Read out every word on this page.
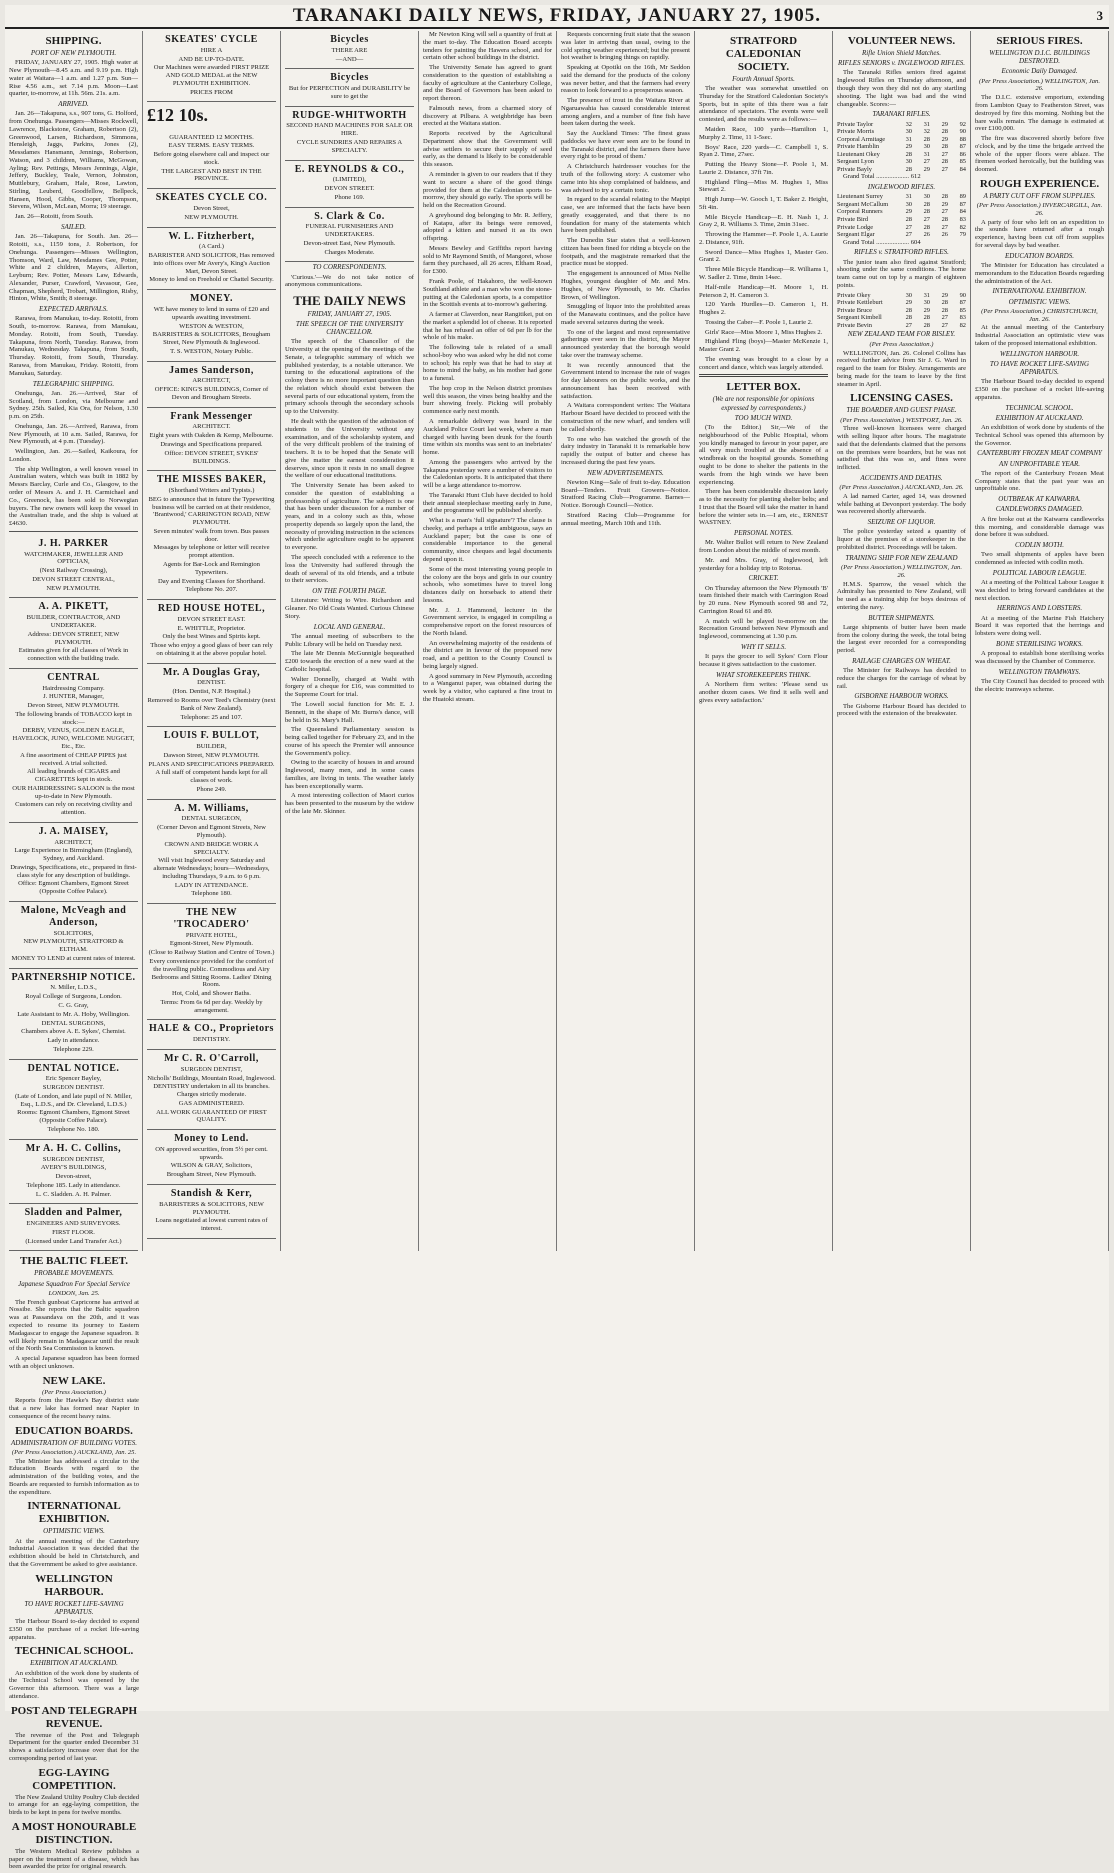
TARANAKI DAILY NEWS, FRIDAY, JANUARY 27, 1905.	3
SHIPPING.
PORT OF NEW PLYMOUTH.

FRIDAY, JANUARY 27, 1905. High water at New Plymouth—8.45 a.m. and 9.19 p.m. High water at Waitara—1 a.m. and 1.27 p.m. Sun—Rise 4.56 a.m., set 7.14 p.m. Moon—Last quarter, to-morrow, at 11h. 56m. 21s. a.m.

ARRIVED.

Jan. 26—Takapuna, s.s., 907 tons, G. Holford, from Onehunga. Passengers—Misses Rockwell, Lawrence, Blackstone, Graham, Robertson (2), Greenwood, Larsen, Richardson, Simmons, Hensleigh, Jaggs, Parkins, Jones (2), Messdames Hansmann, Jennings, Robertson, Watson, and 3 children, Williams, McGowan, Ayling; Rev. Pettings, Messrs Jennings, Algie, Jeffery, Buckley, Teale, Vernon, Johnston, Muttlebury, Graham, Hale, Rose, Lawton, Stirling, Leuberd, Goodfellow, Bellpeck, Hansen, Hood, Gibbs, Cooper, Thompson, Stevens, Wilson, McLean, Morra; 19 steerage.

Jan. 26—Rotoiti, from South.

SAILED.

Jan. 26—Takapuna, for South. Jan. 26—Rotoiti, s.s., 1159 tons, J. Robertson, for Onehunga. Passengers—Misses Wellington, Thomson, Ward, Law, Mesdames Gee, Potter, White and 2 children, Mayers, Allerton, Leyburn; Rev. Potter, Messrs Law, Edwards, Alexander, Purser, Crawford, Vavasour, Gee, Chapman, Shepherd, Trobart, Millington, Risby, Hinton, White, Smith; 8 steerage.

EXPECTED ARRIVALS.

Rarawa, from Manukau, to-day. Rotoiti, from South, to-morrow. Rarawa, from Manukau, Monday. Rotoiti, from South, Tuesday. Takapuna, from North, Tuesday. Rarawa, from Manukau, Wednesday. Takapuna, from South, Thursday. Rotoiti, from South, Thursday. Rarawa, from Manukau, Friday. Rotoiti, from Manukau, Saturday.

TELEGRAPHIC SHIPPING.

Onehunga, Jan. 26.—Arrived, Star of Scotland, from London, via Melbourne and Sydney. 25th. Sailed, Kia Ora, for Nelson, 1.30 p.m. on 25th.

Onehunga, Jan. 26.—Arrived, Rarawa, from New Plymouth, at 10 a.m. Sailed, Rarawa, for New Plymouth, at 4 p.m. (Tuesday).

Wellington, Jan. 26.—Sailed, Kaikoura, for London.

The ship Wellington, a well known vessel in Australian waters, which was built in 1882 by Messrs Barclay, Curle and Co., Glasgow, to the order of Messrs A. and J. H. Carmichael and Co., Greenock, has been sold to Norwegian buyers. The new owners will keep the vessel in the Australian trade, and the ship is valued at £4630.

J. H. PARKER
WATCHMAKER, JEWELLER AND OPTICIAN,
(Next Railway Crossing),
DEVON STREET CENTRAL,
NEW PLYMOUTH.
A. A. PIKETT,
BUILDER, CONTRACTOR, AND UNDERTAKER.
Address: DEVON STREET, NEW PLYMOUTH.
Estimates given for all classes of Work in connection with the building trade.
CENTRAL
Hairdressing Company.
J. HUNTER, Manager,
Devon Street, NEW PLYMOUTH.
The following brands of TOBACCO kept in stock:—
DERBY, VENUS, GOLDEN EAGLE, HAVELOCK, JUNO, WELCOME NUGGET, Etc., Etc.
A fine assortment of CHEAP PIPES just received. A trial solicited.
All leading brands of CIGARS and CIGARETTES kept in stock.
OUR HAIRDRESSING SALOON is the most up-to-date in New Plymouth.
Customers can rely on receiving civility and attention.
J. A. MAISEY,
ARCHITECT,
Large Experience in Birmingham (England), Sydney, and Auckland.
Drawings, Specifications, etc., prepared in first-class style for any description of buildings.
Office: Egmont Chambers, Egmont Street (Opposite Coffee Palace).
Malone, McVeagh and Anderson,
SOLICITORS,
NEW PLYMOUTH, STRATFORD & ELTHAM.
MONEY TO LEND at current rates of interest.
PARTNERSHIP NOTICE.
N. Miller, L.D.S.,
Royal College of Surgeons, London.
C. G. Gray,
Late Assistant to Mr. A. Hoby, Wellington.
DENTAL SURGEONS,
Chambers above A. E. Sykes', Chemist.
Lady in attendance.
Telephone 229.
DENTAL NOTICE.
Eric Spencer Bayley,
SURGEON DENTIST.
(Late of London, and late pupil of N. Miller, Esq., L.D.S., and Dr. Cleveland, L.D.S.)
Rooms: Egmont Chambers, Egmont Street (Opposite Coffee Palace).
Telephone No. 180.
Mr A. H. C. Collins,
SURGEON DENTIST,
AVERY'S BUILDINGS,
Devon-street,
Telephone 185. Lady in attendance.
L. C. Sladden. A. H. Palmer.
Sladden and Palmer,
ENGINEERS AND SURVEYORS.
FIRST FLOOR.
(Licensed under Land Transfer Act.)
SKEATES' CYCLE
HIRE A
AND BE UP-TO-DATE.
Our Machines were awarded FIRST PRIZE AND GOLD MEDAL at the NEW PLYMOUTH EXHIBITION.
PRICES FROM
£12 10s.
GUARANTEED 12 MONTHS.
EASY TERMS. EASY TERMS.
Before going elsewhere call and inspect our stock.
THE LARGEST AND BEST IN THE PROVINCE.
SKEATES CYCLE CO.
Devon Street,
NEW PLYMOUTH.
W. L. Fitzherbert,
(A Card.)
BARRISTER AND SOLICITOR, Has removed into offices over Mr Avery's, King's Auction Mart, Devon Street.
Money to lend on Freehold or Chattel Security.
MONEY.
WE have money to lend in sums of £20 and upwards awaiting investment.
WESTON & WESTON,
BARRISTERS & SOLICITORS, Brougham Street, New Plymouth & Inglewood.
T. S. WESTON, Notary Public.
James Sanderson,
ARCHITECT,
OFFICE: KING'S BUILDINGS, Corner of Devon and Brougham Streets.
Frank Messenger
ARCHITECT.
Eight years with Oakden & Kemp, Melbourne.
Drawings and Specifications prepared.
Office: DEVON STREET, SYKES' BUILDINGS.
THE MISSES BAKER,
(Shorthand Writers and Typists.)
BEG to announce that in future the Typewriting business will be carried on at their residence, 'Brantwood,' CARRINGTON ROAD, NEW PLYMOUTH.
Seven minutes' walk from town. Bus passes door.
Messages by telephone or letter will receive prompt attention.
Agents for Bar-Lock and Remington Typewriters.
Day and Evening Classes for Shorthand.
Telephone No. 207.
RED HOUSE HOTEL,
DEVON STREET EAST.
E. WHITTLE, Proprietor.
Only the best Wines and Spirits kept.
Those who enjoy a good glass of beer can rely on obtaining it at the above popular hotel.
Mr. A Douglas Gray,
DENTIST.
(Hon. Dentist, N.P. Hospital.)
Removed to Rooms over Teed's Chemistry (next Bank of New Zealand).
Telephone: 25 and 107.
LOUIS F. BULLOT,
BUILDER,
Dawson Street, NEW PLYMOUTH.
PLANS AND SPECIFICATIONS PREPARED.
A full staff of competent hands kept for all classes of work.
Phone 249.
A. M. Williams,
DENTAL SURGEON,
(Corner Devon and Egmont Streets, New Plymouth).
CROWN AND BRIDGE WORK A SPECIALTY.
Will visit Inglewood every Saturday and alternate Wednesdays; hours—Wednesdays, including Thursdays, 9 a.m. to 6 p.m.
LADY IN ATTENDANCE.
Telephone 180.
THE NEW 'TROCADERO'
PRIVATE HOTEL,
Egmont-Street, New Plymouth.
(Close to Railway Station and Centre of Town.)
Every convenience provided for the comfort of the travelling public. Commodious and Airy Bedrooms and Sitting Rooms. Ladies' Dining Room.
Hot, Cold, and Shower Baths.
Terms: From 6s 6d per day. Weekly by arrangement.
HALE & CO., Proprietors
DENTISTRY.
Mr C. R. O'Carroll,
SURGEON DENTIST,
Nicholls' Buildings, Mountain Road, Inglewood.
DENTISTRY undertaken in all its branches. Charges strictly moderate.
GAS ADMINISTERED.
ALL WORK GUARANTEED OF FIRST QUALITY.
Money to Lend.
ON approved securities, from 5½ per cent. upwards.
WILSON & GRAY, Solicitors,
Brougham Street, New Plymouth.
Standish & Kerr,
BARRISTERS & SOLICITORS, NEW PLYMOUTH.
Loans negotiated at lowest current rates of interest.
Bicycles
THERE ARE
—AND—
Bicycles
But for PERFECTION and DURABILITY be sure to get the
RUDGE-WHITWORTH
SECOND HAND MACHINES FOR SALE OR HIRE.
CYCLE SUNDRIES AND REPAIRS A SPECIALTY.
E. REYNOLDS & CO.,
(LIMITED),
DEVON STREET.
Phone 169.
S. Clark & Co.
FUNERAL FURNISHERS AND UNDERTAKERS.
Devon-street East, New Plymouth.
Charges Moderate.
TO CORRESPONDENTS.

'Curious.'—We do not take notice of anonymous communications.

THE DAILY NEWS
FRIDAY, JANUARY 27, 1905.
THE SPEECH OF THE UNIVERSITY CHANCELLOR.

The speech of the Chancellor of the University at the opening of the meetings of the Senate, a telegraphic summary of which we published yesterday, is a notable utterance. We turning to the educational aspirations of the colony there is no more important question than the relation which should exist between the several parts of our educational system, from the primary schools through the secondary schools up to the University.

He dealt with the question of the admission of students to the University without any examination, and of the scholarship system, and of the very difficult problem of the training of teachers. It is to be hoped that the Senate will give the matter the earnest consideration it deserves, since upon it rests in no small degree the welfare of our educational institutions.

The University Senate has been asked to consider the question of establishing a professorship of agriculture. The subject is one that has been under discussion for a number of years, and in a colony such as this, whose prosperity depends so largely upon the land, the necessity of providing instruction in the sciences which underlie agriculture ought to be apparent to everyone.

The speech concluded with a reference to the loss the University had suffered through the death of several of its old friends, and a tribute to their services.

ON THE FOURTH PAGE.

Literature: Writing to Wire. Richardson and Gleaner. No Old Coats Wanted. Curious Chinese Story.

LOCAL AND GENERAL.

The annual meeting of subscribers to the Public Library will be held on Tuesday next.

The late Mr Dennis McGunnigle bequeathed £200 towards the erection of a new ward at the Catholic hospital.

Walter Donnelly, charged at Waihi with forgery of a cheque for £16, was committed to the Supreme Court for trial.

The Lowell social function for Mr. E. J. Bennett, in the shape of Mr. Burns's dance, will be held in St. Mary's Hall.

The Queensland Parliamentary session is being called together for February 23, and in the course of his speech the Premier will announce the Government's policy.

Owing to the scarcity of houses in and around Inglewood, many men, and in some cases families, are living in tents. The weather lately has been exceptionally warm.

A most interesting collection of Maori curios has been presented to the museum by the widow of the late Mr. Skinner.

Mr Newton King will sell a quantity of fruit at the mart to-day. The Education Board accepts tenders for painting the Hawera school, and for certain other school buildings in the district.

The University Senate has agreed to grant consideration to the question of establishing a faculty of agriculture at the Canterbury College, and the Board of Governors has been asked to report thereon.

Falmouth news, from a charmed story of discovery at Pilbara. A weighbridge has been erected at the Waitara station.

Reports received by the Agricultural Department show that the Government will advise settlers to secure their supply of seed early, as the demand is likely to be considerable this season.

A reminder is given to our readers that if they want to secure a share of the good things provided for them at the Caledonian sports to-morrow, they should go early. The sports will be held on the Recreation Ground.

A greyhound dog belonging to Mr. R. Jeffery, of Katapu, after its beings were removed, adopted a kitten and nursed it as its own offspring.

Messrs Bewley and Griffiths report having sold to Mr Raymond Smith, of Mangorei, whose farm they purchased, all 26 acres, Eltham Road, for £300.

Frank Poole, of Hakahoro, the well-known Southland athlete and a man who won the stone-putting at the Caledonian sports, is a competitor in the Scottish events at to-morrow's gathering.

A farmer at Claverdon, near Rangitikei, put on the market a splendid lot of cheese. It is reported that he has refused an offer of 6d per lb for the whole of his make.

The following tale is related of a small school-boy who was asked why he did not come to school; his reply was that he had to stay at home to mind the baby, as his mother had gone to a funeral.

The hop crop in the Nelson district promises well this season, the vines being healthy and the burr showing freely. Picking will probably commence early next month.

A remarkable delivery was heard in the Auckland Police Court last week, where a man charged with having been drunk for the fourth time within six months was sent to an inebriates' home.

Among the passengers who arrived by the Takapuna yesterday were a number of visitors to the Caledonian sports. It is anticipated that there will be a large attendance to-morrow.

The Taranaki Hunt Club have decided to hold their annual steeplechase meeting early in June, and the programme will be published shortly.

What is a man's 'full signature'? The clause is cheeky, and perhaps a trifle ambiguous, says an Auckland paper; but the case is one of considerable importance to the general community, since cheques and legal documents depend upon it.

Some of the most interesting young people in the colony are the boys and girls in our country schools, who sometimes have to travel long distances daily on horseback to attend their lessons.

Mr. J. J. Hammond, lecturer in the Government service, is engaged in compiling a comprehensive report on the forest resources of the North Island.

An overwhelming majority of the residents of the district are in favour of the proposed new road, and a petition to the County Council is being largely signed.

A good summary in New Plymouth, according to a Wanganui paper, was obtained during the week by a visitor, who captured a fine trout in the Huatoki stream.

Requests concerning fruit state that the season was later in arriving than usual, owing to the cold spring weather experienced; but the present hot weather is bringing things on rapidly.

Speaking at Opotiki on the 16th, Mr Seddon said the demand for the products of the colony was never better, and that the farmers had every reason to look forward to a prosperous season.

The presence of trout in the Waitara River at Ngaruawahia has caused considerable interest among anglers, and a number of fine fish have been taken during the week.

Say the Auckland Times: 'The finest grass paddocks we have ever seen are to be found in the Taranaki district, and the farmers there have every right to be proud of them.'

A Christchurch hairdresser vouches for the truth of the following story: A customer who came into his shop complained of baldness, and was advised to try a certain tonic.

In regard to the scandal relating to the Mapipi case, we are informed that the facts have been greatly exaggerated, and that there is no foundation for many of the statements which have been published.

The Dunedin Star states that a well-known citizen has been fined for riding a bicycle on the footpath, and the magistrate remarked that the practice must be stopped.

The engagement is announced of Miss Nellie Hughes, youngest daughter of Mr. and Mrs. Hughes, of New Plymouth, to Mr. Charles Brown, of Wellington.

Smuggling of liquor into the prohibited areas of the Manawatu continues, and the police have made several seizures during the week.

To one of the largest and most representative gatherings ever seen in the district, the Mayor announced yesterday that the borough would take over the tramway scheme.

It was recently announced that the Government intend to increase the rate of wages for day labourers on the public works, and the announcement has been received with satisfaction.

A Waitara correspondent writes: The Waitara Harbour Board have decided to proceed with the construction of the new wharf, and tenders will be called shortly.

To one who has watched the growth of the dairy industry in Taranaki it is remarkable how rapidly the output of butter and cheese has increased during the past few years.

NEW ADVERTISEMENTS.

Newton King—Sale of fruit to-day. Education Board—Tenders. Fruit Growers—Notice. Stratford Racing Club—Programme. Barnes—Notice. Borough Council—Notice.

Stratford Racing Club—Programme for annual meeting, March 10th and 11th.

STRATFORD CALEDONIAN SOCIETY.
Fourth Annual Sports.

The weather was somewhat unsettled on Thursday for the Stratford Caledonian Society's Sports, but in spite of this there was a fair attendance of spectators. The events were well contested, and the results were as follows:—

Maiden Race, 100 yards—Hamilton 1, Murphy 2. Time, 11 1-5sec.

Boys' Race, 220 yards—C. Campbell 1, S. Ryan 2. Time, 27sec.

Putting the Heavy Stone—F. Poole 1, M. Laurie 2. Distance, 37ft 7in.

Highland Fling—Miss M. Hughes 1, Miss Stewart 2.

High Jump—W. Gooch 1, T. Baker 2. Height, 5ft 4in.

Mile Bicycle Handicap—E. H. Nash 1, J. Gray 2, R. Williams 3. Time, 2min 31sec.

Throwing the Hammer—F. Poole 1, A. Laurie 2. Distance, 91ft.

Sword Dance—Miss Hughes 1, Master Geo. Grant 2.

Three Mile Bicycle Handicap—R. Williams 1, W. Sadler 2. Time, 8min 14sec.

Half-mile Handicap—H. Moore 1, H. Peterson 2, H. Cameron 3.

120 Yards Hurdles—D. Cameron 1, H. Hughes 2.

Tossing the Caber—F. Poole 1, Laurie 2.

Girls' Race—Miss Moore 1, Miss Hughes 2.

Highland Fling (boys)—Master McKenzie 1, Master Grant 2.

The evening was brought to a close by a concert and dance, which was largely attended.

LETTER BOX.
(We are not responsible for opinions expressed by correspondents.)
TOO MUCH WIND.

(To the Editor.) Sir,—We of the neighbourhood of the Public Hospital, whom you kindly managed to favour in your paper, are all very much troubled at the absence of a windbreak on the hospital grounds. Something ought to be done to shelter the patients in the wards from the high winds we have been experiencing.

There has been considerable discussion lately as to the necessity for planting shelter belts; and I trust that the Board will take the matter in hand before the winter sets in.—I am, etc., ERNEST WASTNEY.

PERSONAL NOTES.

Mr. Walter Bullot will return to New Zealand from London about the middle of next month.

Mr. and Mrs. Gray, of Inglewood, left yesterday for a holiday trip to Rotorua.

CRICKET.

On Thursday afternoon the New Plymouth 'B' team finished their match with Carrington Road by 20 runs. New Plymouth scored 98 and 72, Carrington Road 61 and 89.

A match will be played to-morrow on the Recreation Ground between New Plymouth and Inglewood, commencing at 1.30 p.m.

WHY IT SELLS.

It pays the grocer to sell Sykes' Corn Flour because it gives satisfaction to the customer.

WHAT STOREKEEPERS THINK.

A Northern firm writes: 'Please send us another dozen cases. We find it sells well and gives every satisfaction.'

VOLUNTEER NEWS.
Rifle Union Shield Matches.
RIFLES SENIORS v. INGLEWOOD RIFLES.

The Taranaki Rifles seniors fired against Inglewood Rifles on Thursday afternoon, and though they won they did not do any startling shooting. The light was bad and the wind changeable. Scores:—

TARANAKI RIFLES.
Private Taylor	32	31	29	92
Private Morris	30	32	28	90
Corporal Armitage	31	28	29	88
Private Hamblin	29	30	28	87
Lieutenant Okey	28	31	27	86
Sergeant Lyon	30	27	28	85
Private Bayly	28	29	27	84

Grand Total .................... 612

INGLEWOOD RIFLES.
Lieutenant Surrey	31	30	28	89
Sergeant McCallum	30	28	29	87
Corporal Runners	29	28	27	84
Private Bird	28	27	28	83
Private Lodge	27	28	27	82
Sergeant Elgar	27	26	26	79

Grand Total .................... 604

RIFLES v. STRATFORD RIFLES.

The junior team also fired against Stratford; shooting under the same conditions. The home team came out on top by a margin of eighteen points.

Private Okey	30	31	29	90
Private Kettleburt	29	30	28	87
Private Bruce	28	29	28	85
Sergeant Kimbell	28	28	27	83
Private Bevin	27	28	27	82
NEW ZEALAND TEAM FOR BISLEY.
(Per Press Association.)

WELLINGTON, Jan. 26. Colonel Collins has received further advice from Sir J. G. Ward in regard to the team for Bisley. Arrangements are being made for the team to leave by the first steamer in April.

LICENSING CASES.
THE BOARDER AND GUEST PHASE.
(Per Press Association.) WESTPORT, Jan. 26.

Three well-known licensees were charged with selling liquor after hours. The magistrate said that the defendants claimed that the persons on the premises were boarders, but he was not satisfied that this was so, and fines were inflicted.

ACCIDENTS AND DEATHS.
(Per Press Association.) AUCKLAND, Jan. 26.

A lad named Carter, aged 14, was drowned while bathing at Devonport yesterday. The body was recovered shortly afterwards.

SEIZURE OF LIQUOR.

The police yesterday seized a quantity of liquor at the premises of a storekeeper in the prohibited district. Proceedings will be taken.

TRAINING SHIP FOR NEW ZEALAND
(Per Press Association.) WELLINGTON, Jan. 26.

H.M.S. Sparrow, the vessel which the Admiralty has presented to New Zealand, will be used as a training ship for boys desirous of entering the navy.

BUTTER SHIPMENTS.

Large shipments of butter have been made from the colony during the week, the total being the largest ever recorded for a corresponding period.

RAILAGE CHARGES ON WHEAT.

The Minister for Railways has decided to reduce the charges for the carriage of wheat by rail.

GISBORNE HARBOUR WORKS.

The Gisborne Harbour Board has decided to proceed with the extension of the breakwater.

SERIOUS FIRES.
WELLINGTON D.I.C. BUILDINGS DESTROYED.
Economic Daily Damaged.
(Per Press Association.) WELLINGTON, Jan. 26.

The D.I.C. extensive emporium, extending from Lambton Quay to Featherston Street, was destroyed by fire this morning. Nothing but the bare walls remain. The damage is estimated at over £100,000.

The fire was discovered shortly before five o'clock, and by the time the brigade arrived the whole of the upper floors were ablaze. The firemen worked heroically, but the building was doomed.

ROUGH EXPERIENCE.
A PARTY CUT OFF FROM SUPPLIES.
(Per Press Association.) INVERCARGILL, Jan. 26.

A party of four who left on an expedition to the sounds have returned after a rough experience, having been cut off from supplies for several days by bad weather.

EDUCATION BOARDS.

The Minister for Education has circulated a memorandum to the Education Boards regarding the administration of the Act.

INTERNATIONAL EXHIBITION.
OPTIMISTIC VIEWS.
(Per Press Association.) CHRISTCHURCH, Jan. 26.

At the annual meeting of the Canterbury Industrial Association an optimistic view was taken of the proposed international exhibition.

WELLINGTON HARBOUR.
TO HAVE ROCKET LIFE-SAVING APPARATUS.

The Harbour Board to-day decided to expend £350 on the purchase of a rocket life-saving apparatus.

TECHNICAL SCHOOL.
EXHIBITION AT AUCKLAND.

An exhibition of work done by students of the Technical School was opened this afternoon by the Governor.

CANTERBURY FROZEN MEAT COMPANY
AN UNPROFITABLE YEAR.

The report of the Canterbury Frozen Meat Company states that the past year was an unprofitable one.

OUTBREAK AT KAIWARRA.
CANDLEWORKS DAMAGED.

A fire broke out at the Kaiwarra candleworks this morning, and considerable damage was done before it was subdued.

CODLIN MOTH.

Two small shipments of apples have been condemned as infected with codlin moth.

POLITICAL LABOUR LEAGUE.

At a meeting of the Political Labour League it was decided to bring forward candidates at the next election.

HERRINGS AND LOBSTERS.

At a meeting of the Marine Fish Hatchery Board it was reported that the herrings and lobsters were doing well.

BONE STERILISING WORKS.

A proposal to establish bone sterilising works was discussed by the Chamber of Commerce.

WELLINGTON TRAMWAYS.

The City Council has decided to proceed with the electric tramways scheme.

THE BALTIC FLEET.
PROBABLE MOVEMENTS.
Japanese Squadron For Special Service
LONDON, Jan. 25.

The French gunboat Capricorne has arrived at Nossibe. She reports that the Baltic squadron was at Passandava on the 20th, and it was expected to resume its journey to Eastern Madagascar to engage the Japanese squadron. It will likely remain in Madagascar until the result of the North Sea Commission is known.

A special Japanese squadron has been formed with an object unknown.

NEW LAKE.
(Per Press Association.)

Reports from the Hawke's Bay district state that a new lake has formed near Napier in consequence of the recent heavy rains.

EDUCATION BOARDS.
ADMINISTRATION OF BUILDING VOTES.
(Per Press Association.) AUCKLAND, Jan. 25.

The Minister has addressed a circular to the Education Boards with regard to the administration of the building votes, and the Boards are requested to furnish information as to the expenditure.

INTERNATIONAL EXHIBITION.
OPTIMISTIC VIEWS.

At the annual meeting of the Canterbury Industrial Association it was decided that the exhibition should be held in Christchurch, and that the Government be asked to give assistance.

WELLINGTON HARBOUR.
TO HAVE ROCKET LIFE-SAVING APPARATUS.

The Harbour Board to-day decided to expend £350 on the purchase of a rocket life-saving apparatus.

TECHNICAL SCHOOL.
EXHIBITION AT AUCKLAND.

An exhibition of the work done by students of the Technical School was opened by the Governor this afternoon. There was a large attendance.

POST AND TELEGRAPH REVENUE.

The revenue of the Post and Telegraph Department for the quarter ended December 31 shows a satisfactory increase over that for the corresponding period of last year.

EGG-LAYING COMPETITION.

The New Zealand Utility Poultry Club decided to arrange for an egg-laying competition, the birds to be kept in pens for twelve months.

A MOST HONOURABLE DISTINCTION.

The Western Medical Review publishes a paper on the treatment of a disease, which has been awarded the prize for original research.
